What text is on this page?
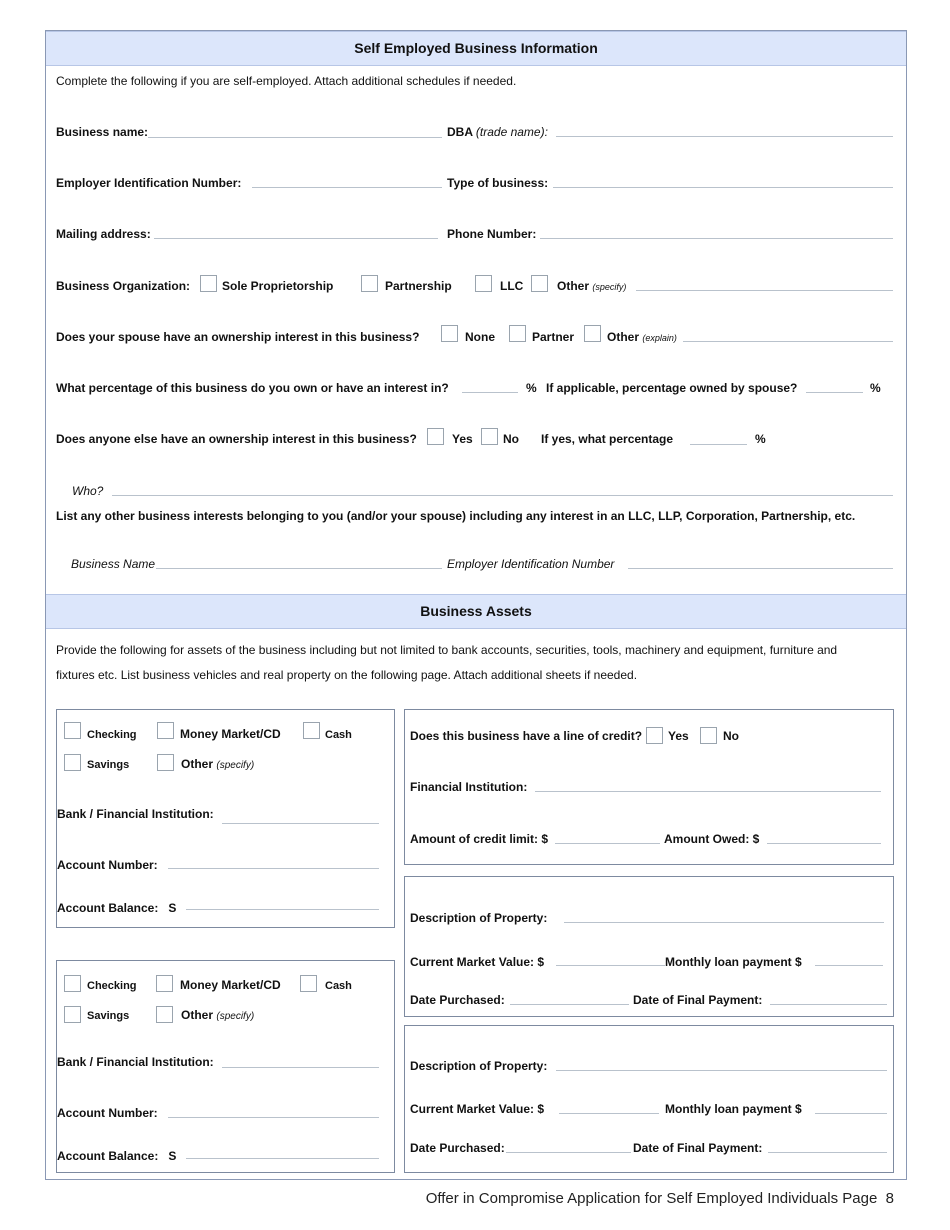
Self Employed Business Information
Complete the following if you are self-employed. Attach additional schedules if needed.
Business name:	DBA (trade name):
Employer Identification Number:	Type of business:
Mailing address:	Phone Number:
Business Organization:	Sole Proprietorship	Partnership	LLC	Other (specify)
Does your spouse have an ownership interest in this business?	None	Partner	Other (explain)
What percentage of this business do you own or have an interest in?	% If applicable, percentage owned by spouse?	%
Does anyone else have an ownership interest in this business?	Yes	No If yes, what percentage	%
Who?
List any other business interests belonging to you (and/or your spouse) including any interest in an LLC, LLP, Corporation, Partnership, etc.
Business Name	Employer Identification Number
Business Assets
Provide the following for assets of the business including but not limited to bank accounts, securities, tools, machinery and equipment, furniture and
fixtures etc. List business vehicles and real property on the following page. Attach additional sheets if needed.
Checking	Money Market/CD	Cash
Savings	Other (specify)
Bank / Financial Institution:
Account Number:
Account Balance: S
Checking	Money Market/CD	Cash
Savings	Other (specify)
Bank / Financial Institution:
Account Number:
Account Balance: S
Does this business have a line of credit? Yes	No
Financial Institution:
Amount of credit limit: $	Amount Owed: $
Description of Property:
Current Market Value: $	Monthly loan payment $
Date Purchased:	Date of Final Payment:
Description of Property:
Current Market Value: $	Monthly loan payment $
Date Purchased:	Date of Final Payment:
Offer in Compromise Application for Self Employed Individuals Page 8
